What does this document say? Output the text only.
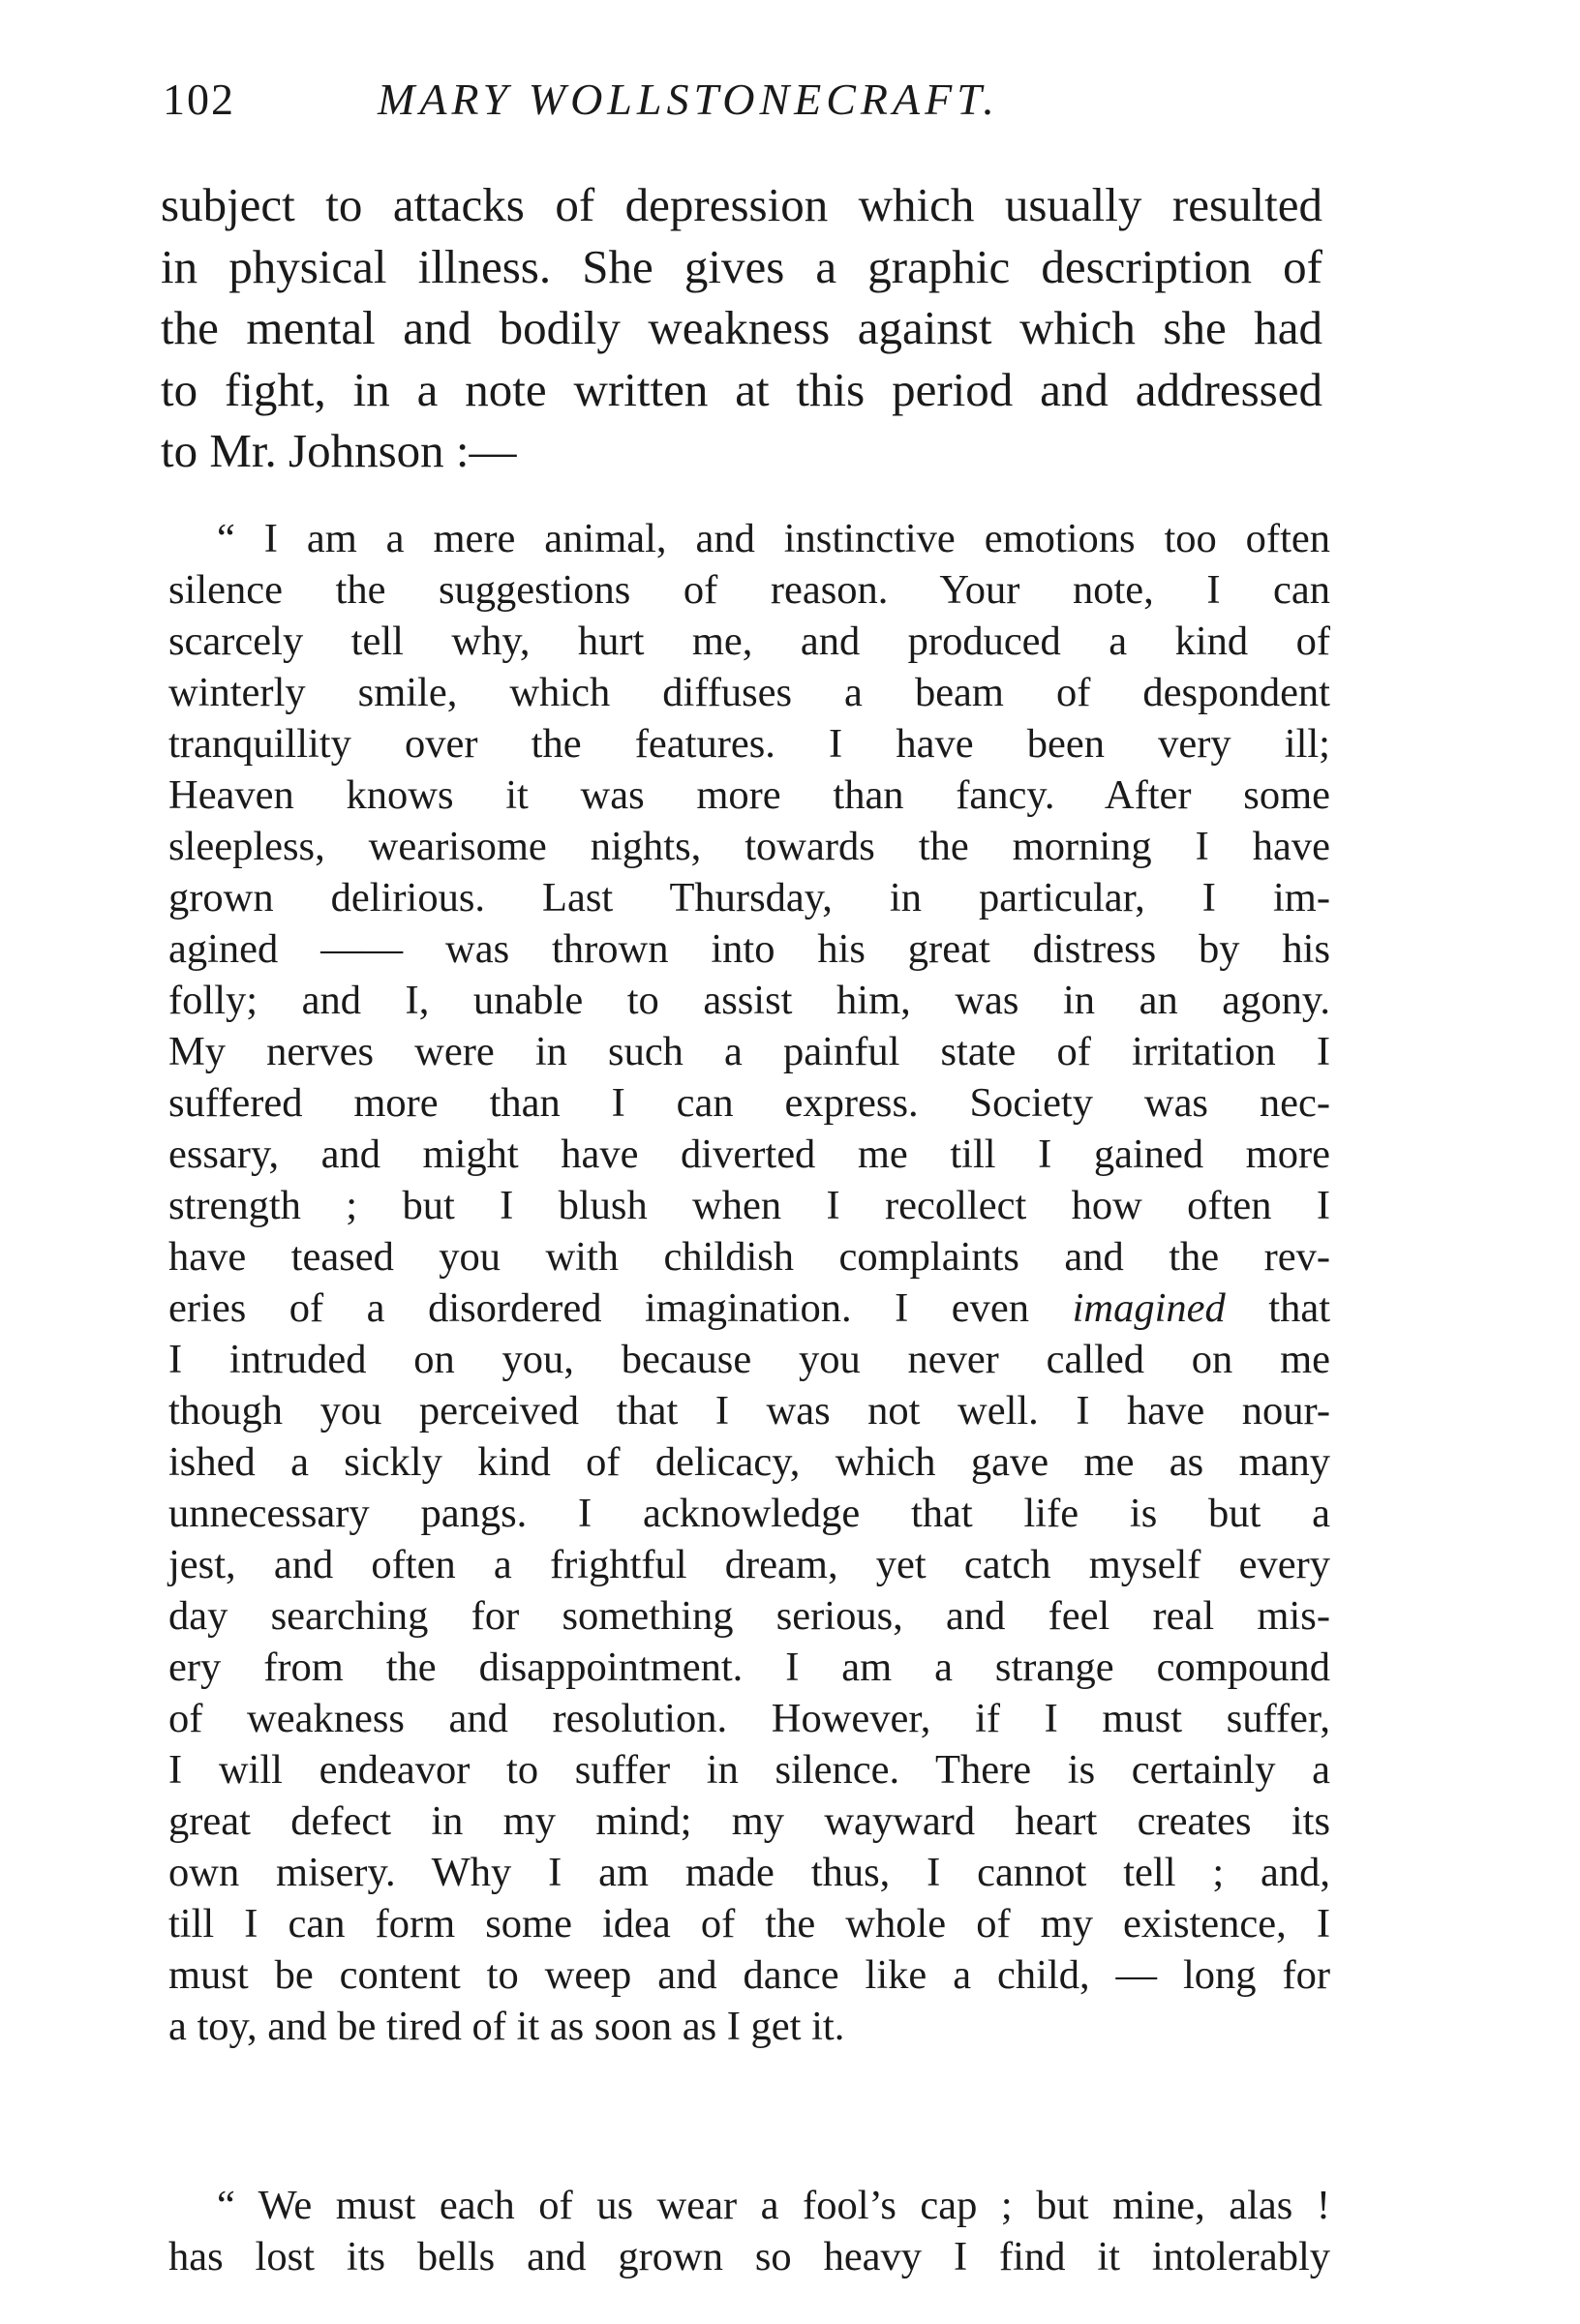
102	MARY WOLLSTONECRAFT.
subject to attacks of depression which usually resulted
in physical illness. She gives a graphic description of
the mental and bodily weakness against which she had
to fight, in a note written at this period and addressed
to Mr. Johnson :—
“ I am a mere animal, and instinctive emotions too often
silence the suggestions of reason. Your note, I can
scarcely tell why, hurt me, and produced a kind of
winterly smile, which diffuses a beam of despondent
tranquillity over the features. I have been very ill;
Heaven knows it was more than fancy. After some
sleepless, wearisome nights, towards the morning I have
grown delirious. Last Thursday, in particular, I im-
agined —— was thrown into his great distress by his
folly; and I, unable to assist him, was in an agony.
My nerves were in such a painful state of irritation I
suffered more than I can express. Society was nec-
essary, and might have diverted me till I gained more
strength ; but I blush when I recollect how often I
have teased you with childish complaints and the rev-
eries of a disordered imagination. I even imagined that
I intruded on you, because you never called on me
though you perceived that I was not well. I have nour-
ished a sickly kind of delicacy, which gave me as many
unnecessary pangs. I acknowledge that life is but a
jest, and often a frightful dream, yet catch myself every
day searching for something serious, and feel real mis-
ery from the disappointment. I am a strange compound
of weakness and resolution. However, if I must suffer,
I will endeavor to suffer in silence. There is certainly a
great defect in my mind; my wayward heart creates its
own misery. Why I am made thus, I cannot tell ; and,
till I can form some idea of the whole of my existence, I
must be content to weep and dance like a child, — long for
a toy, and be tired of it as soon as I get it.
“ We must each of us wear a fool’s cap ; but mine, alas !
has lost its bells and grown so heavy I find it intolerably
